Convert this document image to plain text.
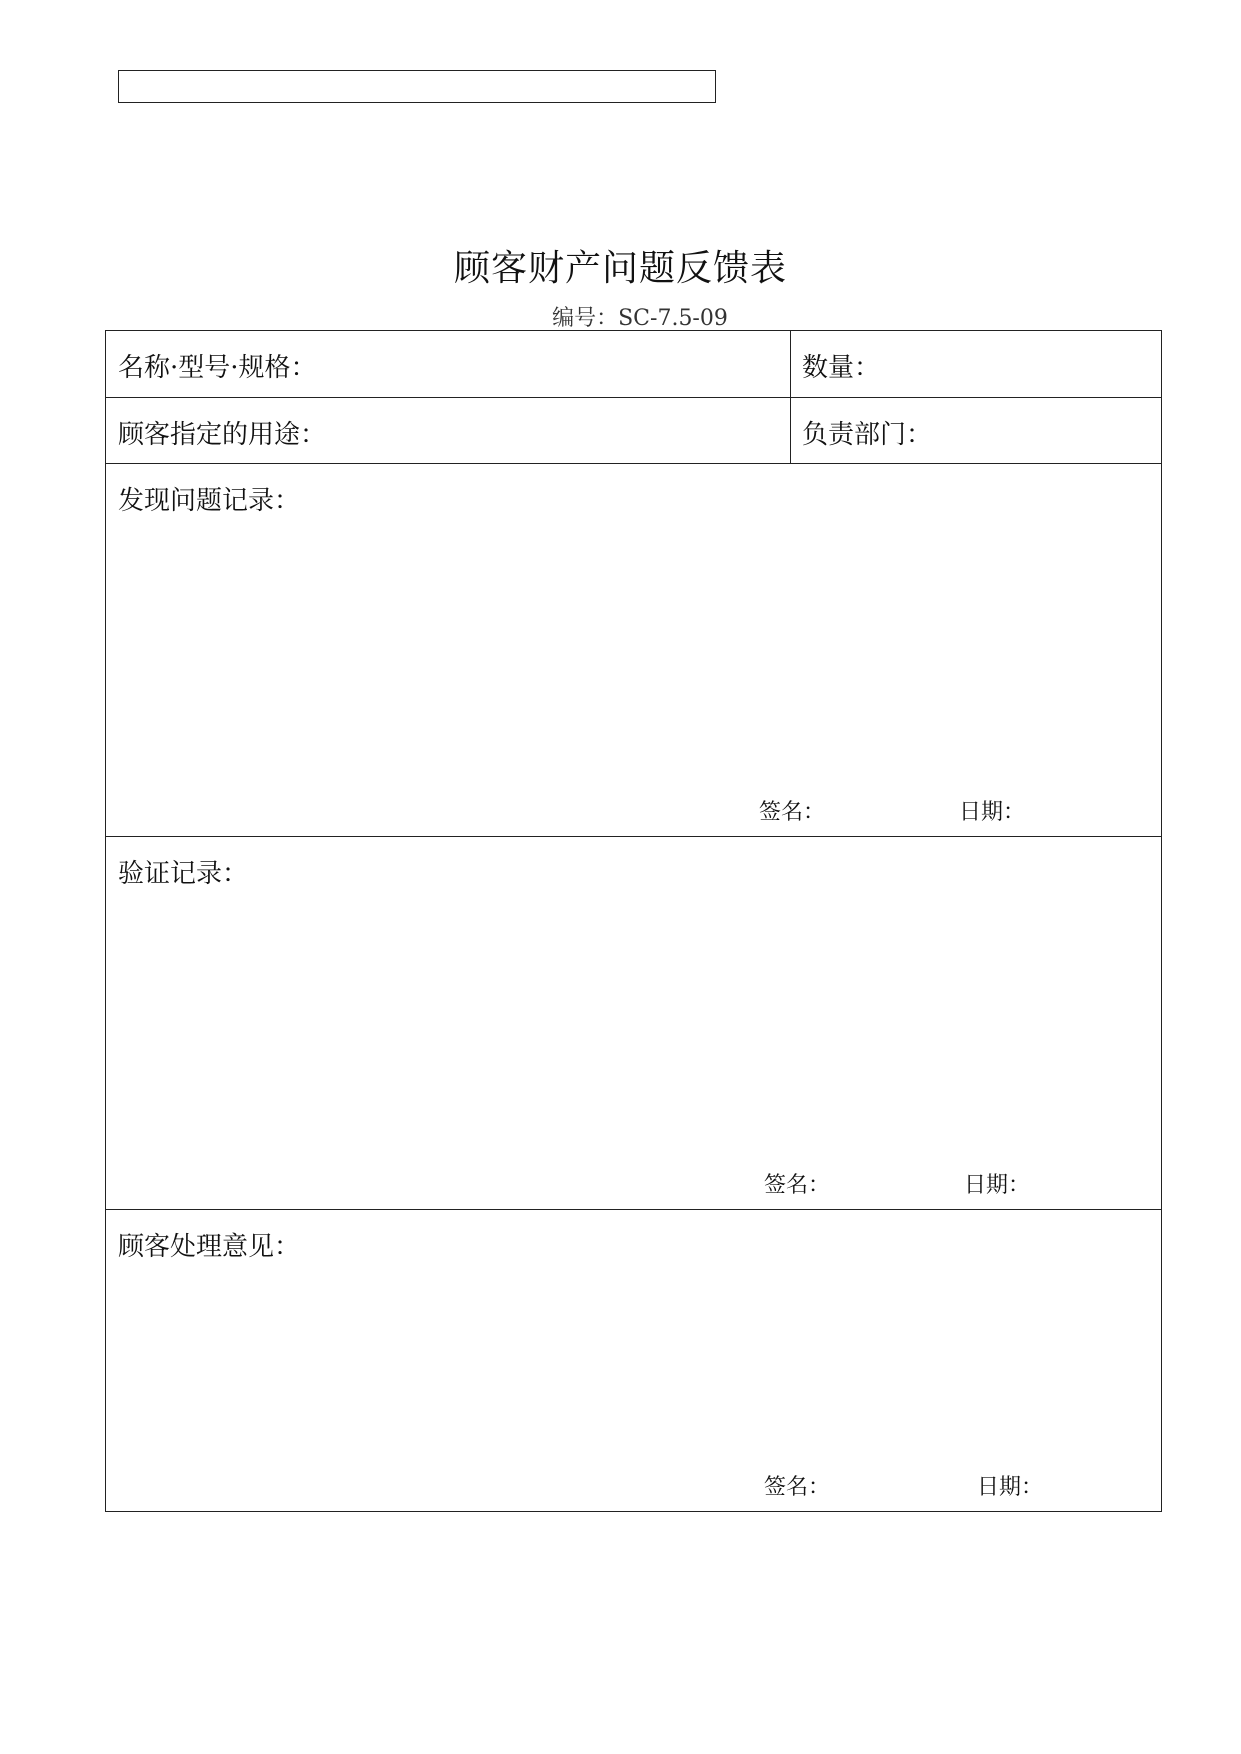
顾客财产问题反馈表
编号：SC-7.5-09
名称·型号·规格：	数量：
顾客指定的用途：	负责部门：
发现问题记录：
签名：	日期：
验证记录：
签名：	日期：
顾客处理意见：
签名：	日期：
